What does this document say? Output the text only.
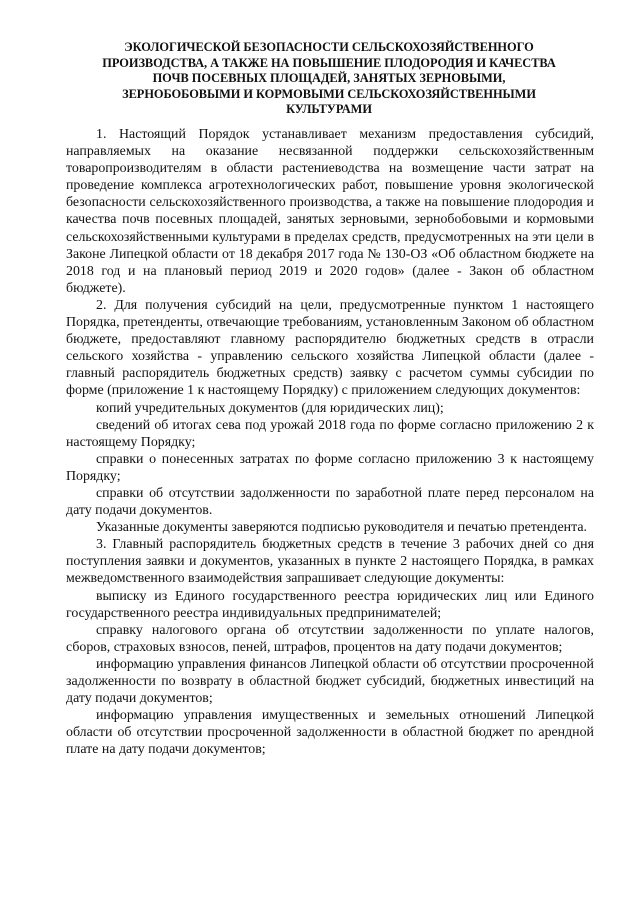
ЭКОЛОГИЧЕСКОЙ БЕЗОПАСНОСТИ СЕЛЬСКОХОЗЯЙСТВЕННОГО ПРОИЗВОДСТВА, А ТАКЖЕ НА ПОВЫШЕНИЕ ПЛОДОРОДИЯ И КАЧЕСТВА ПОЧВ ПОСЕВНЫХ ПЛОЩАДЕЙ, ЗАНЯТЫХ ЗЕРНОВЫМИ, ЗЕРНОБОБОВЫМИ И КОРМОВЫМИ СЕЛЬСКОХОЗЯЙСТВЕННЫМИ КУЛЬТУРАМИ

1. Настоящий Порядок устанавливает механизм предоставления субсидий, направляемых на оказание несвязанной поддержки сельскохозяйственным товаропроизводителям в области растениеводства на возмещение части затрат на проведение комплекса агротехнологических работ, повышение уровня экологической безопасности сельскохозяйственного производства, а также на повышение плодородия и качества почв посевных площадей, занятых зерновыми, зернобобовыми и кормовыми сельскохозяйственными культурами в пределах средств, предусмотренных на эти цели в Законе Липецкой области от 18 декабря 2017 года № 130-ОЗ «Об областном бюджете на 2018 год и на плановый период 2019 и 2020 годов» (далее - Закон об областном бюджете).

2. Для получения субсидий на цели, предусмотренные пунктом 1 настоящего Порядка, претенденты, отвечающие требованиям, установленным Законом об областном бюджете, предоставляют главному распорядителю бюджетных средств в отрасли сельского хозяйства - управлению сельского хозяйства Липецкой области (далее - главный распорядитель бюджетных средств) заявку с расчетом суммы субсидии по форме (приложение 1 к настоящему Порядку) с приложением следующих документов:

копий учредительных документов (для юридических лиц);

сведений об итогах сева под урожай 2018 года по форме согласно приложению 2 к настоящему Порядку;

справки о понесенных затратах по форме согласно приложению 3 к настоящему Порядку;

справки об отсутствии задолженности по заработной плате перед персоналом на дату подачи документов.

Указанные документы заверяются подписью руководителя и печатью претендента.

3. Главный распорядитель бюджетных средств в течение 3 рабочих дней со дня поступления заявки и документов, указанных в пункте 2 настоящего Порядка, в рамках межведомственного взаимодействия запрашивает следующие документы:

выписку из Единого государственного реестра юридических лиц или Единого государственного реестра индивидуальных предпринимателей;

справку налогового органа об отсутствии задолженности по уплате налогов, сборов, страховых взносов, пеней, штрафов, процентов на дату подачи документов;

информацию управления финансов Липецкой области об отсутствии просроченной задолженности по возврату в областной бюджет субсидий, бюджетных инвестиций на дату подачи документов;

информацию управления имущественных и земельных отношений Липецкой области об отсутствии просроченной задолженности в областной бюджет по арендной плате на дату подачи документов;
